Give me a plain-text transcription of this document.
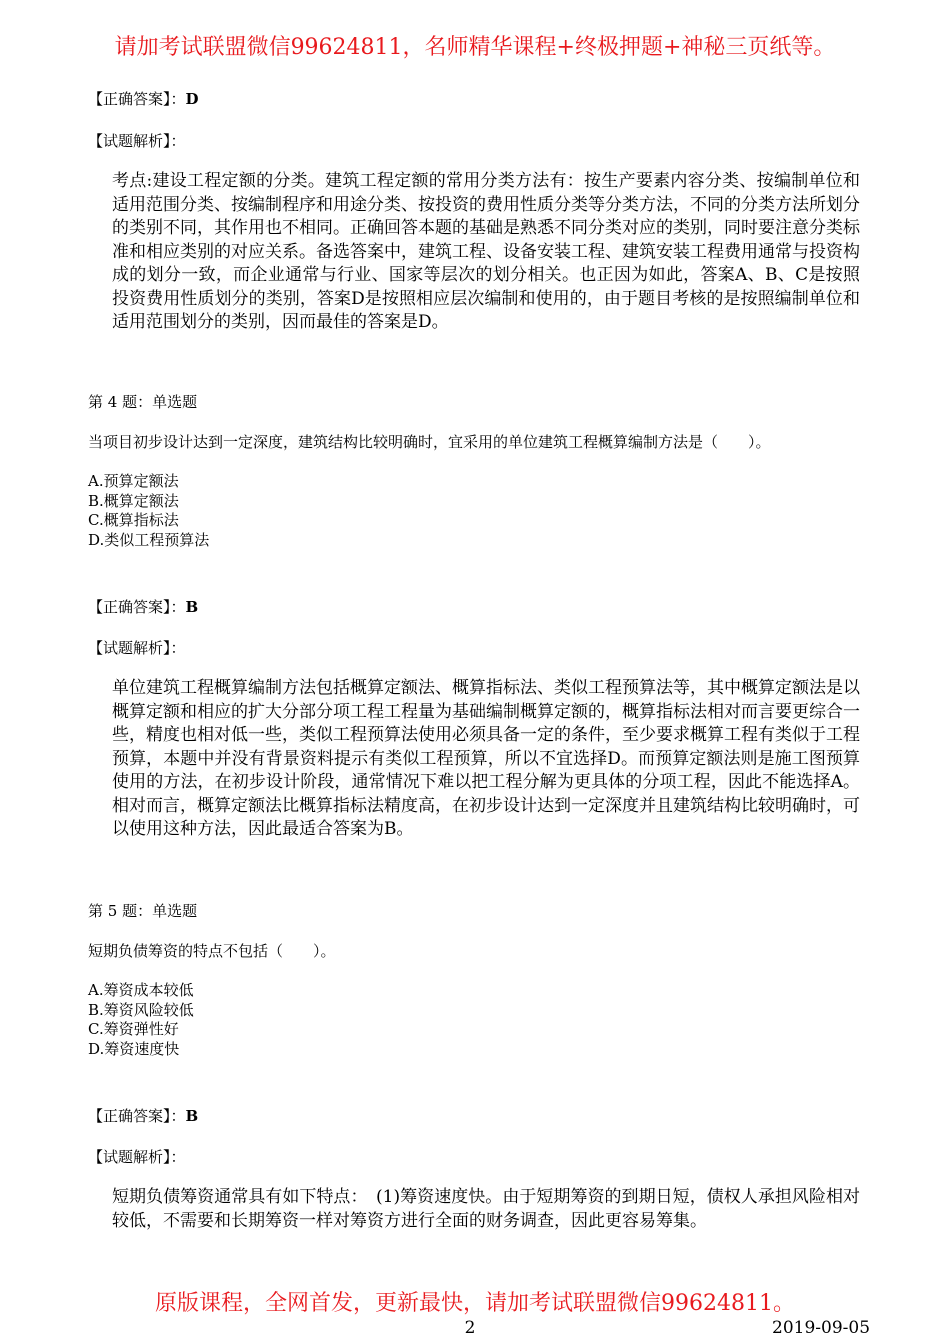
请加考试联盟微信99624811，名师精华课程+终极押题+神秘三页纸等。
【正确答案】：D
【试题解析】：
考点:建设工程定额的分类。建筑工程定额的常用分类方法有：按生产要素内容分类、按编制单位和适用范围分类、按编制程序和用途分类、按投资的费用性质分类等分类方法，不同的分类方法所划分的类别不同，其作用也不相同。正确回答本题的基础是熟悉不同分类对应的类别，同时要注意分类标准和相应类别的对应关系。备选答案中，建筑工程、设备安装工程、建筑安装工程费用通常与投资构成的划分一致，而企业通常与行业、国家等层次的划分相关。也正因为如此，答案A、B、C是按照投资费用性质划分的类别，答案D是按照相应层次编制和使用的，由于题目考核的是按照编制单位和适用范围划分的类别，因而最佳的答案是D。
第 4 题：单选题
当项目初步设计达到一定深度，建筑结构比较明确时，宜采用的单位建筑工程概算编制方法是（　　）。
A.预算定额法
B.概算定额法
C.概算指标法
D.类似工程预算法
【正确答案】：B
【试题解析】：
单位建筑工程概算编制方法包括概算定额法、概算指标法、类似工程预算法等，其中概算定额法是以概算定额和相应的扩大分部分项工程工程量为基础编制概算定额的，概算指标法相对而言要更综合一些，精度也相对低一些，类似工程预算法使用必须具备一定的条件，至少要求概算工程有类似于工程预算，本题中并没有背景资料提示有类似工程预算，所以不宜选择D。而预算定额法则是施工图预算使用的方法，在初步设计阶段，通常情况下难以把工程分解为更具体的分项工程，因此不能选择A。相对而言，概算定额法比概算指标法精度高，在初步设计达到一定深度并且建筑结构比较明确时，可以使用这种方法，因此最适合答案为B。
第 5 题：单选题
短期负债筹资的特点不包括（　　）。
A.筹资成本较低
B.筹资风险较低
C.筹资弹性好
D.筹资速度快
【正确答案】：B
【试题解析】：
短期负债筹资通常具有如下特点：　(1)筹资速度快。由于短期筹资的到期日短，债权人承担风险相对较低，不需要和长期筹资一样对筹资方进行全面的财务调查，因此更容易筹集。
原版课程，全网首发，更新最快，请加考试联盟微信99624811。
2	2019-09-05
